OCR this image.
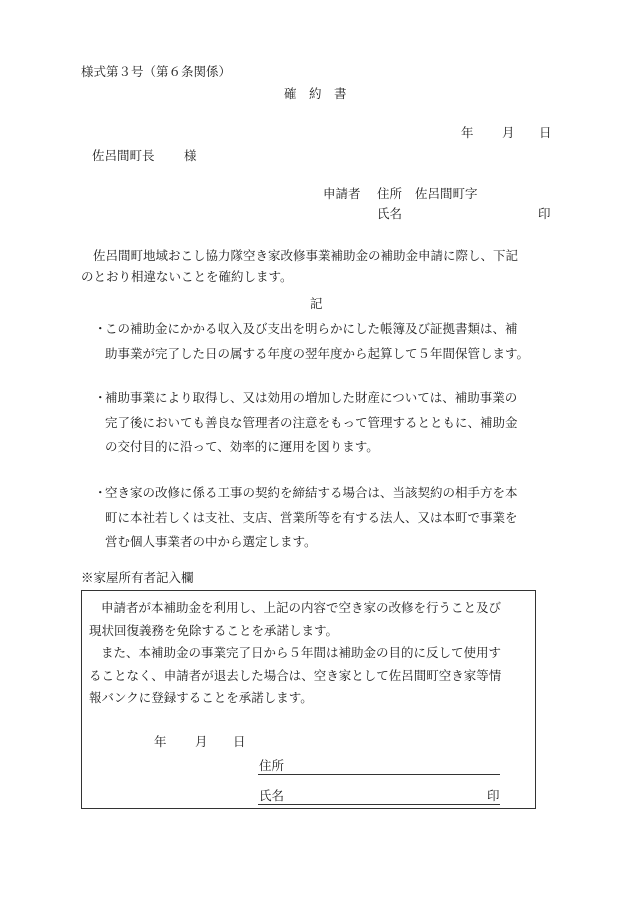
様式第３号（第６条関係）
確　約　書
年 月 日
佐呂間町長 様
申請者 住所 佐呂間町字
氏名	印
佐呂間町地域おこし協力隊空き家改修事業補助金の補助金申請に際し、下記
のとおり相違ないことを確約します。
記
・
この補助金にかかる収入及び支出を明らかにした帳簿及び証拠書類は、補
助事業が完了した日の属する年度の翌年度から起算して５年間保管します。
・
補助事業により取得し、又は効用の増加した財産については、補助事業の
完了後においても善良な管理者の注意をもって管理するとともに、補助金
の交付目的に沿って、効率的に運用を図ります。
・
空き家の改修に係る工事の契約を締結する場合は、当該契約の相手方を本
町に本社若しくは支社、支店、営業所等を有する法人、又は本町で事業を
営む個人事業者の中から選定します。
※家屋所有者記入欄
申請者が本補助金を利用し、上記の内容で空き家の改修を行うこと及び
現状回復義務を免除することを承諾します。
また、本補助金の事業完了日から５年間は補助金の目的に反して使用す
ることなく、申請者が退去した場合は、空き家として佐呂間町空き家等情
報バンクに登録することを承諾します。
年 月 日
住所
氏名	印
